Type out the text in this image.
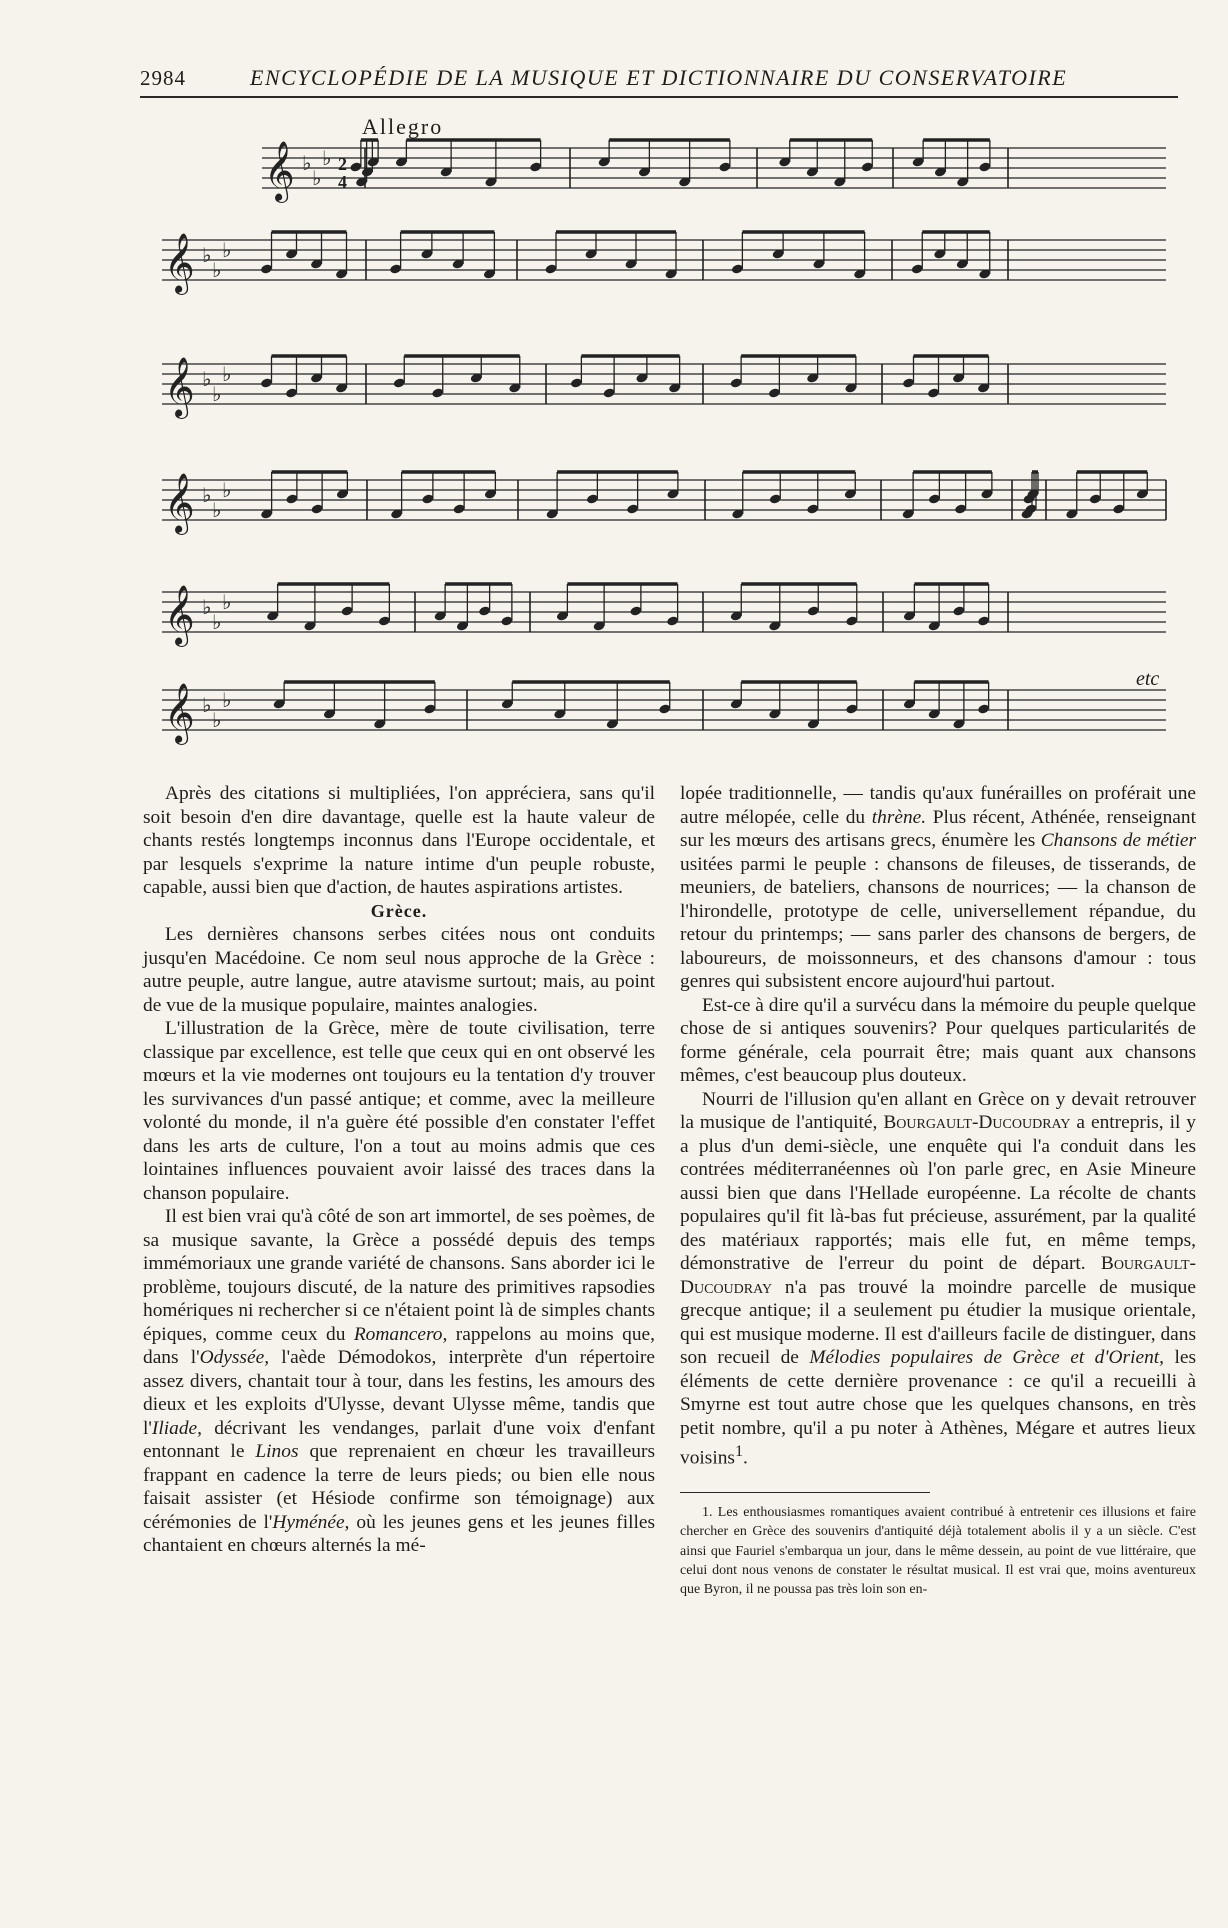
2984	ENCYCLOPÉDIE DE LA MUSIQUE ET DICTIONNAIRE DU CONSERVATOIRE
Allegro
𝄞 ♭
♭
♭ 2
4
𝄞 ♭
♭
♭
𝄞 ♭
♭
♭
𝄞 ♭
♭
♭
𝄞 ♭
♭
♭
𝄞 ♭
♭
♭
etc

Après des citations si multipliées, l'on appréciera, sans qu'il soit besoin d'en dire davantage, quelle est la haute valeur de chants restés longtemps inconnus dans l'Europe occidentale, et par lesquels s'exprime la nature intime d'un peuple robuste, capable, aussi bien que d'action, de hautes aspirations artistes.

Grèce.

Les dernières chansons serbes citées nous ont conduits jusqu'en Macédoine. Ce nom seul nous approche de la Grèce : autre peuple, autre langue, autre atavisme surtout; mais, au point de vue de la musique populaire, maintes analogies.

L'illustration de la Grèce, mère de toute civilisation, terre classique par excellence, est telle que ceux qui en ont observé les mœurs et la vie modernes ont toujours eu la tentation d'y trouver les survivances d'un passé antique; et comme, avec la meilleure volonté du monde, il n'a guère été possible d'en constater l'effet dans les arts de culture, l'on a tout au moins admis que ces lointaines influences pouvaient avoir laissé des traces dans la chanson populaire.

Il est bien vrai qu'à côté de son art immortel, de ses poèmes, de sa musique savante, la Grèce a possédé depuis des temps immémoriaux une grande variété de chansons. Sans aborder ici le problème, toujours discuté, de la nature des primitives rapsodies homériques ni rechercher si ce n'étaient point là de simples chants épiques, comme ceux du Romancero, rappelons au moins que, dans l'Odyssée, l'aède Démodokos, interprète d'un répertoire assez divers, chantait tour à tour, dans les festins, les amours des dieux et les exploits d'Ulysse, devant Ulysse même, tandis que l'Iliade, décrivant les vendanges, parlait d'une voix d'enfant entonnant le Linos que reprenaient en chœur les travailleurs frappant en cadence la terre de leurs pieds; ou bien elle nous faisait assister (et Hésiode confirme son témoignage) aux cérémonies de l'Hyménée, où les jeunes gens et les jeunes filles chantaient en chœurs alternés la mé-

lopée traditionnelle, — tandis qu'aux funérailles on proférait une autre mélopée, celle du thrène. Plus récent, Athénée, renseignant sur les mœurs des artisans grecs, énumère les Chansons de métier usitées parmi le peuple : chansons de fileuses, de tisserands, de meuniers, de bateliers, chansons de nourrices; — la chanson de l'hirondelle, prototype de celle, universellement répandue, du retour du printemps; — sans parler des chansons de bergers, de laboureurs, de moissonneurs, et des chansons d'amour : tous genres qui subsistent encore aujourd'hui partout.

Est-ce à dire qu'il a survécu dans la mémoire du peuple quelque chose de si antiques souvenirs? Pour quelques particularités de forme générale, cela pourrait être; mais quant aux chansons mêmes, c'est beaucoup plus douteux.

Nourri de l'illusion qu'en allant en Grèce on y devait retrouver la musique de l'antiquité, Bourgault-Ducoudray a entrepris, il y a plus d'un demi-siècle, une enquête qui l'a conduit dans les contrées méditerranéennes où l'on parle grec, en Asie Mineure aussi bien que dans l'Hellade européenne. La récolte de chants populaires qu'il fit là-bas fut précieuse, assurément, par la qualité des matériaux rapportés; mais elle fut, en même temps, démonstrative de l'erreur du point de départ. Bourgault-Ducoudray n'a pas trouvé la moindre parcelle de musique grecque antique; il a seulement pu étudier la musique orientale, qui est musique moderne. Il est d'ailleurs facile de distinguer, dans son recueil de Mélodies populaires de Grèce et d'Orient, les éléments de cette dernière provenance : ce qu'il a recueilli à Smyrne est tout autre chose que les quelques chansons, en très petit nombre, qu'il a pu noter à Athènes, Mégare et autres lieux voisins$^1$.

1. Les enthousiasmes romantiques avaient contribué à entretenir ces illusions et faire chercher en Grèce des souvenirs d'antiquité déjà totalement abolis il y a un siècle. C'est ainsi que Fauriel s'embarqua un jour, dans le même dessein, au point de vue littéraire, que celui dont nous venons de constater le résultat musical. Il est vrai que, moins aventureux que Byron, il ne poussa pas très loin son en-
